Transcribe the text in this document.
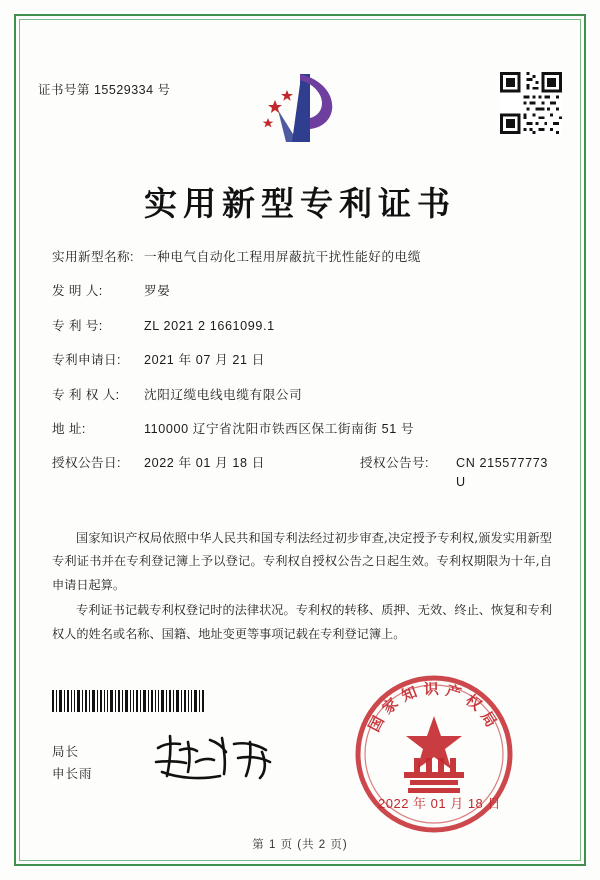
证书号第 15529334 号
实用新型专利证书
实用新型名称: 一种电气自动化工程用屏蔽抗干扰性能好的电缆
发 明 人:	罗晏
专 利 号:	ZL 2021 2 1661099.1
专利申请日:	2021 年 07 月 21 日
专 利 权 人:	沈阳辽缆电线电缆有限公司
地 址:	110000 辽宁省沈阳市铁西区保工街南街 51 号
授权公告日:	2022 年 01 月 18 日	授权公告号:	CN 215577773 U

国家知识产权局依照中华人民共和国专利法经过初步审查,决定授予专利权,颁发实用新型专利证书并在专利登记簿上予以登记。专利权自授权公告之日起生效。专利权期限为十年,自申请日起算。

专利证书记载专利权登记时的法律状况。专利权的转移、质押、无效、终止、恢复和专利权人的姓名或名称、国籍、地址变更等事项记载在专利登记簿上。

局长
申长雨
国
家
知 识 产
权
局
2022 年 01 月 18 日
第 1 页 (共 2 页)
